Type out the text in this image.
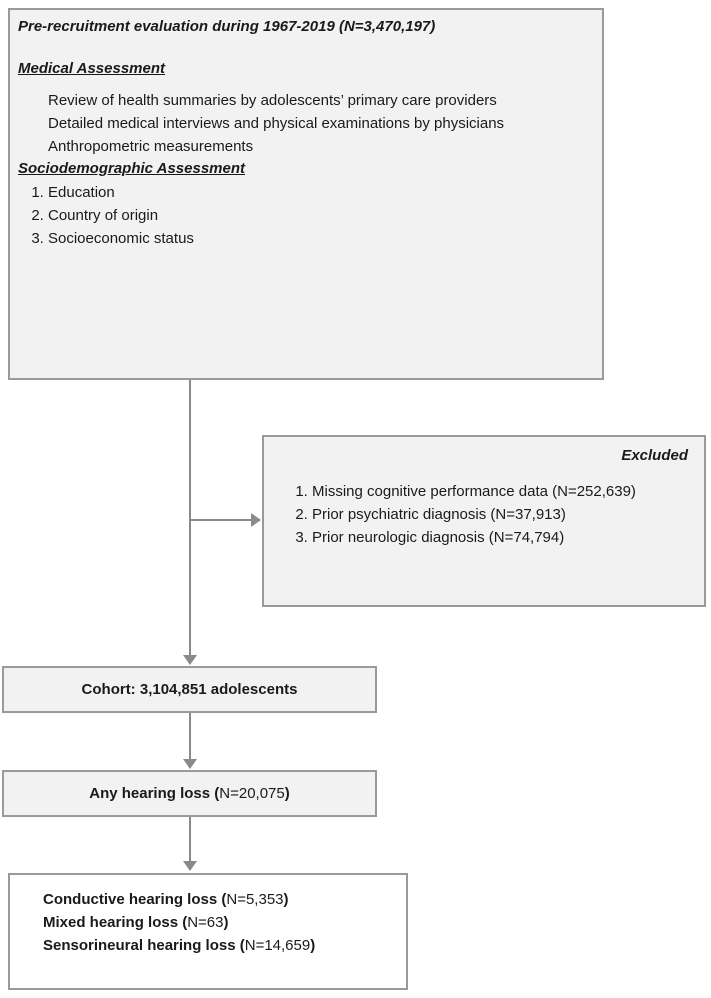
Pre-recruitment evaluation during 1967-2019 (N=3,470,197)
Medical Assessment
Review of health summaries by adolescents’ primary care providers
Detailed medical interviews and physical examinations by physicians
Anthropometric measurements
Sociodemographic Assessment
1. Education
2. Country of origin
3. Socioeconomic status
Excluded
1. Missing cognitive performance data (N=252,639)
2. Prior psychiatric diagnosis (N=37,913)
3. Prior neurologic diagnosis (N=74,794)
Cohort: 3,104,851 adolescents
Any hearing loss (N=20,075)
Conductive hearing loss (N=5,353)
Mixed hearing loss (N=63)
Sensorineural hearing loss (N=14,659)
